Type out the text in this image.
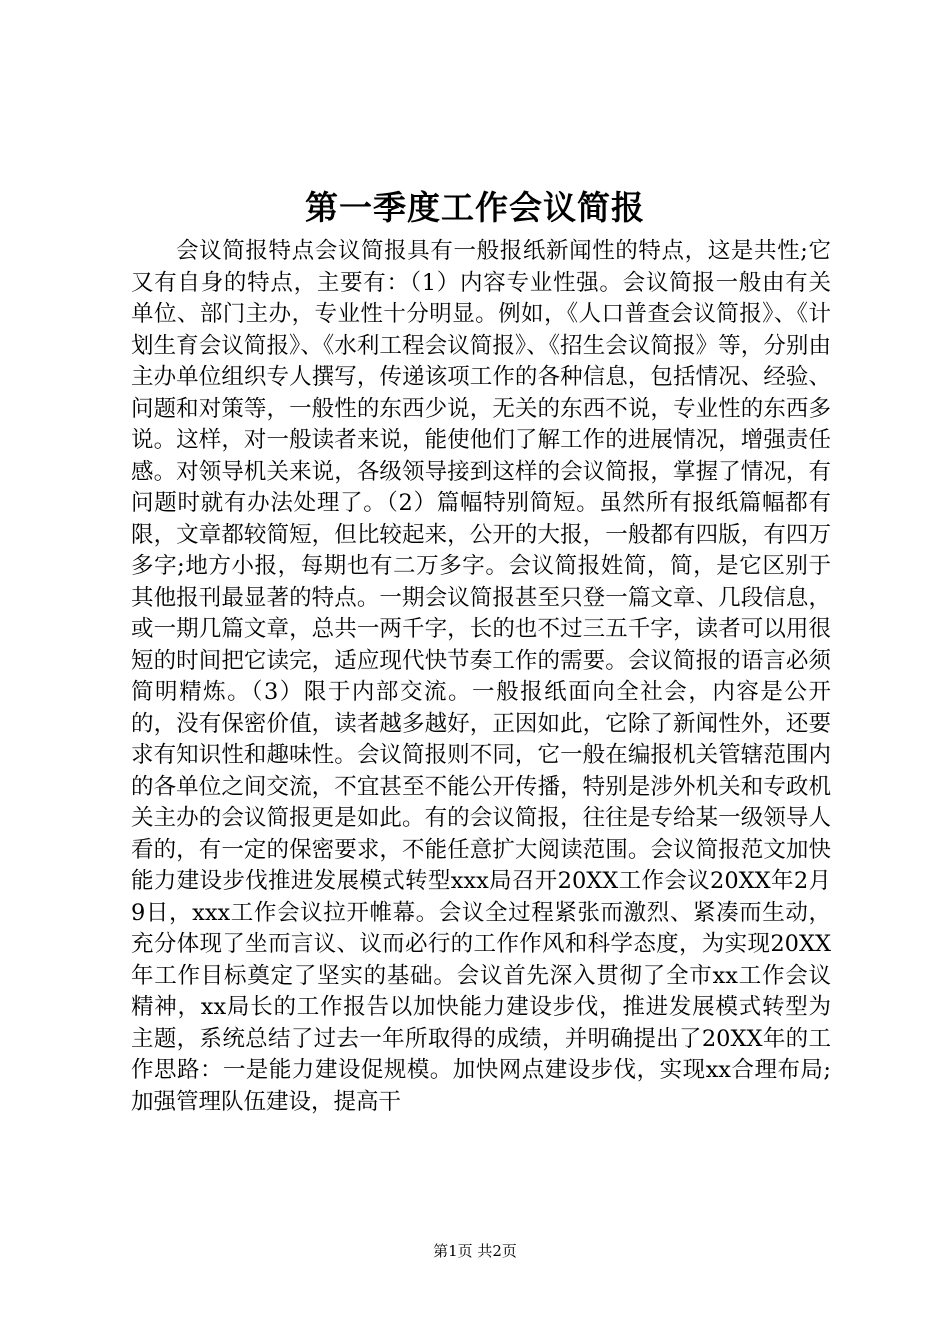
第一季度工作会议简报

会议简报特点会议简报具有一般报纸新闻性的特点，这是共性;它又有自身的特点，主要有：（1）内容专业性强。会议简报一般由有关单位、部门主办，专业性十分明显。例如，《人口普查会议简报》、《计划生育会议简报》、《水利工程会议简报》、《招生会议简报》等，分别由主办单位组织专人撰写，传递该项工作的各种信息，包括情况、经验、问题和对策等，一般性的东西少说，无关的东西不说，专业性的东西多说。这样，对一般读者来说，能使他们了解工作的进展情况，增强责任感。对领导机关来说，各级领导接到这样的会议简报，掌握了情况，有问题时就有办法处理了。（2）篇幅特别简短。虽然所有报纸篇幅都有限，文章都较简短，但比较起来，公开的大报，一般都有四版，有四万多字;地方小报，每期也有二万多字。会议简报姓简，简，是它区别于其他报刊最显著的特点。一期会议简报甚至只登一篇文章、几段信息，或一期几篇文章，总共一两千字，长的也不过三五千字，读者可以用很短的时间把它读完，适应现代快节奏工作的需要。会议简报的语言必须简明精炼。（3）限于内部交流。一般报纸面向全社会，内容是公开的，没有保密价值，读者越多越好，正因如此，它除了新闻性外，还要求有知识性和趣味性。会议简报则不同，它一般在编报机关管辖范围内的各单位之间交流，不宜甚至不能公开传播，特别是涉外机关和专政机关主办的会议简报更是如此。有的会议简报，往往是专给某一级领导人看的，有一定的保密要求，不能任意扩大阅读范围。会议简报范文加快能力建设步伐推进发展模式转型xxx局召开20XX工作会议20XX年2月9日，xxx工作会议拉开帷幕。会议全过程紧张而激烈、紧凑而生动，充分体现了坐而言议、议而必行的工作作风和科学态度，为实现20XX年工作目标奠定了坚实的基础。会议首先深入贯彻了全市xx工作会议精神，xx局长的工作报告以加快能力建设步伐，推进发展模式转型为主题，系统总结了过去一年所取得的成绩，并明确提出了20XX年的工作思路：一是能力建设促规模。加快网点建设步伐，实现xx合理布局;加强管理队伍建设，提高干

第1页 共2页
